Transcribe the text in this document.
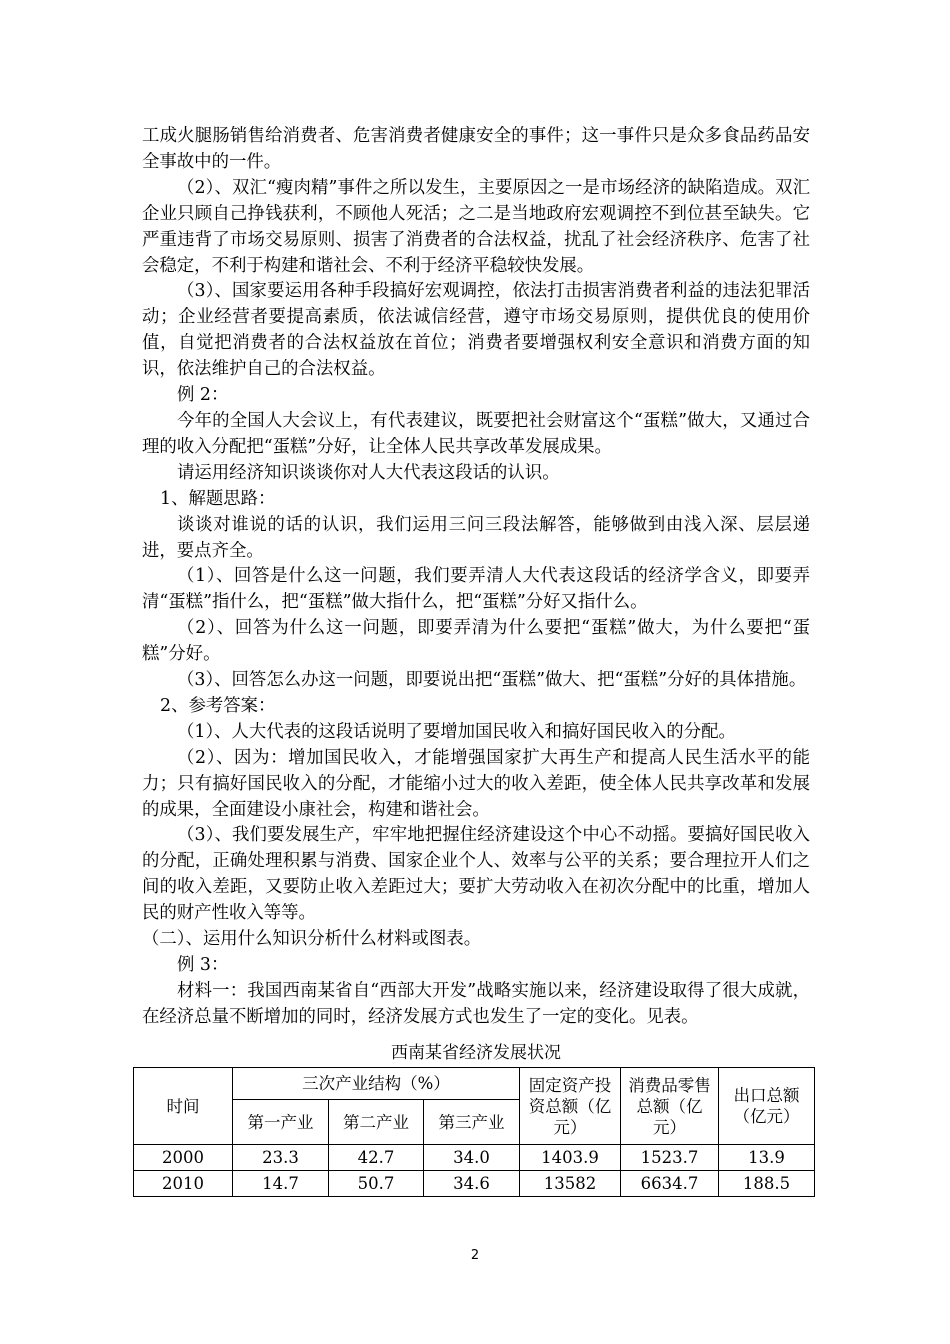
工成火腿肠销售给消费者、危害消费者健康安全的事件；这一事件只是众多食品药品安全事故中的一件。

（2）、双汇“瘦肉精”事件之所以发生，主要原因之一是市场经济的缺陷造成。双汇企业只顾自己挣钱获利，不顾他人死活；之二是当地政府宏观调控不到位甚至缺失。它严重违背了市场交易原则、损害了消费者的合法权益，扰乱了社会经济秩序、危害了社会稳定，不利于构建和谐社会、不利于经济平稳较快发展。

（3）、国家要运用各种手段搞好宏观调控，依法打击损害消费者利益的违法犯罪活动；企业经营者要提高素质，依法诚信经营，遵守市场交易原则，提供优良的使用价值，自觉把消费者的合法权益放在首位；消费者要增强权利安全意识和消费方面的知识，依法维护自己的合法权益。

例 2：

今年的全国人大会议上，有代表建议，既要把社会财富这个“蛋糕”做大，又通过合理的收入分配把“蛋糕”分好，让全体人民共享改革发展成果。

请运用经济知识谈谈你对人大代表这段话的认识。

1、解题思路：

谈谈对谁说的话的认识，我们运用三问三段法解答，能够做到由浅入深、层层递进，要点齐全。

（1）、回答是什么这一问题，我们要弄清人大代表这段话的经济学含义，即要弄清“蛋糕”指什么，把“蛋糕”做大指什么，把“蛋糕”分好又指什么。

（2）、回答为什么这一问题，即要弄清为什么要把“蛋糕”做大，为什么要把“蛋糕”分好。

（3）、回答怎么办这一问题，即要说出把“蛋糕”做大、把“蛋糕”分好的具体措施。

2、参考答案：

（1）、人大代表的这段话说明了要增加国民收入和搞好国民收入的分配。

（2）、因为：增加国民收入，才能增强国家扩大再生产和提高人民生活水平的能力；只有搞好国民收入的分配，才能缩小过大的收入差距，使全体人民共享改革和发展的成果，全面建设小康社会，构建和谐社会。

（3）、我们要发展生产，牢牢地把握住经济建设这个中心不动摇。要搞好国民收入的分配，正确处理积累与消费、国家企业个人、效率与公平的关系；要合理拉开人们之间的收入差距，又要防止收入差距过大；要扩大劳动收入在初次分配中的比重，增加人民的财产性收入等等。

（二）、运用什么知识分析什么材料或图表。

例 3：

材料一：我国西南某省自“西部大开发”战略实施以来，经济建设取得了很大成就，在经济总量不断增加的同时，经济发展方式也发生了一定的变化。见表。

西南某省经济发展状况
时间	三次产业结构（%）			固定资产投资总额（亿元）	消费品零售总额（亿元）	出口总额（亿元）
	第一产业	第二产业	第三产业			
2000	23.3	42.7	34.0	1403.9	1523.7	13.9
2010	14.7	50.7	34.6	13582	6634.7	188.5
2
